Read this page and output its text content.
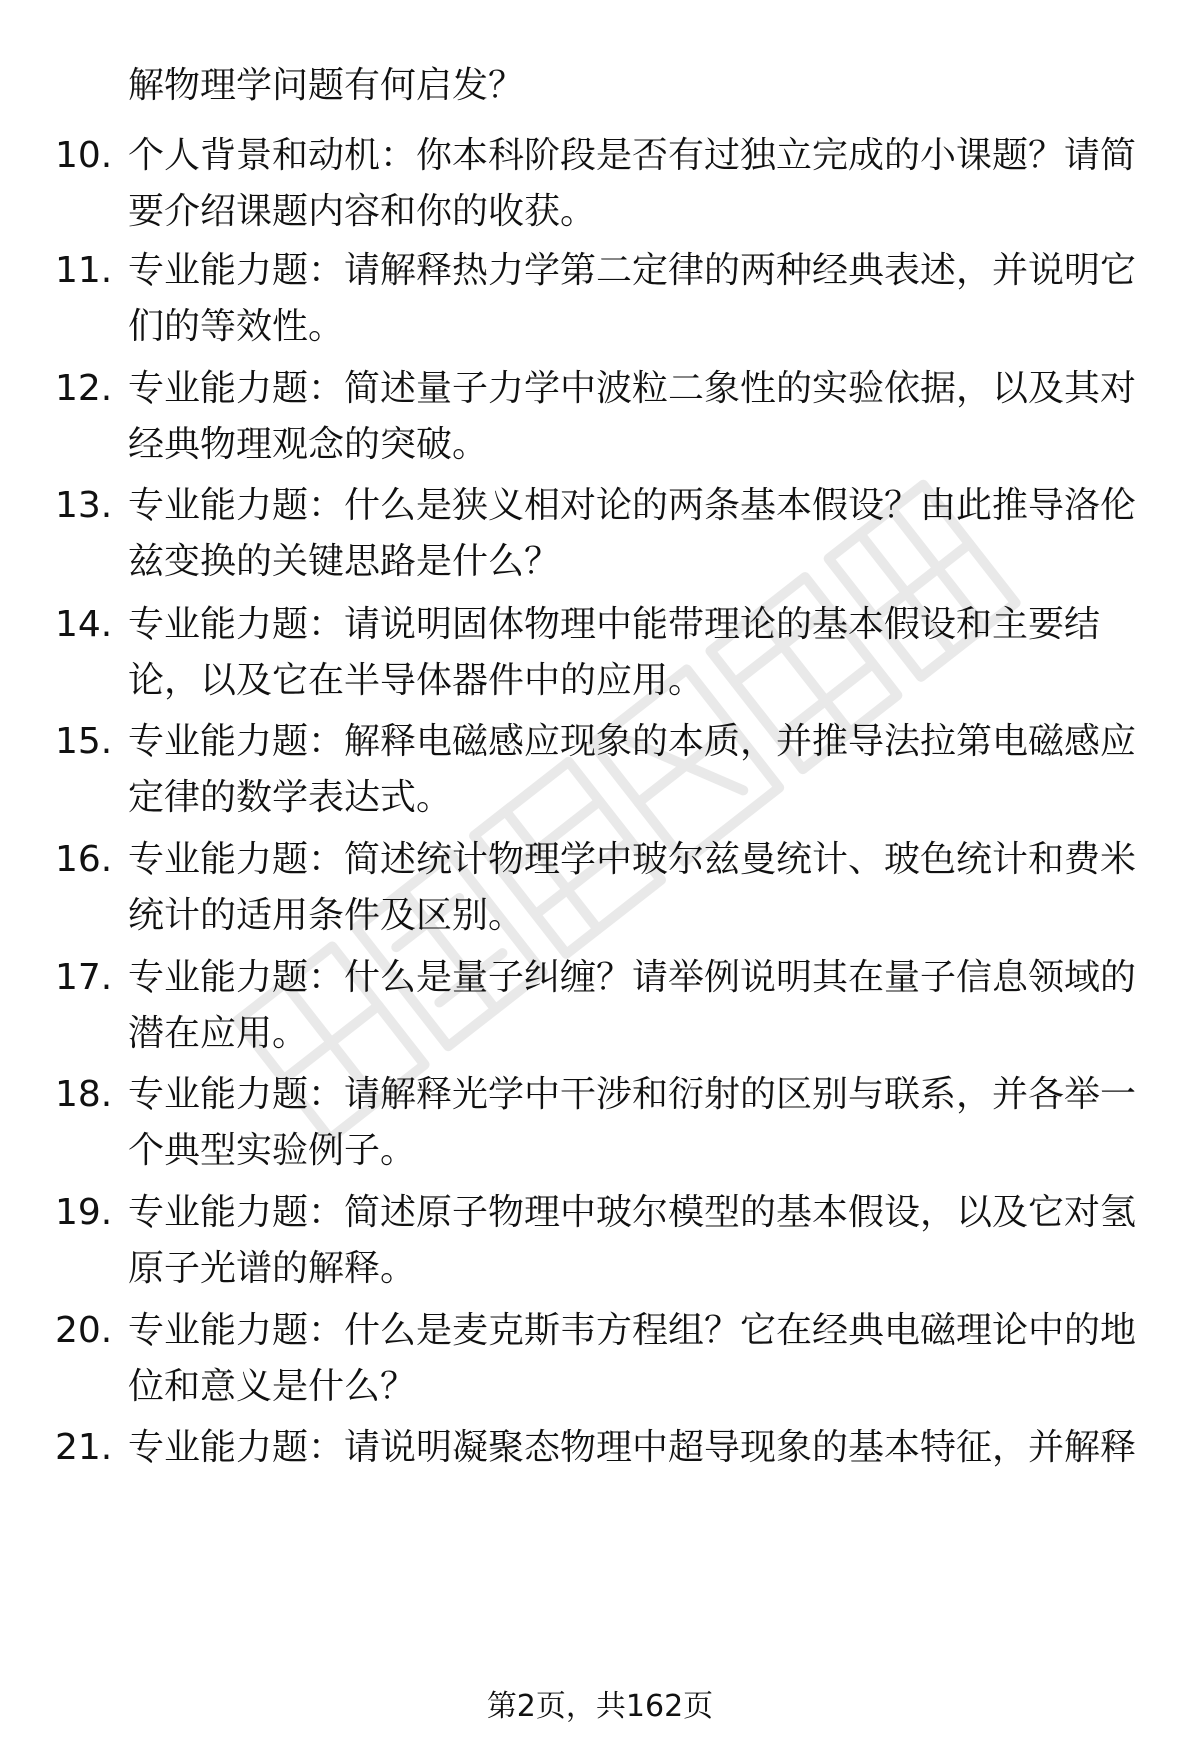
解物理学问题有何启发？
10. 个人背景和动机：你本科阶段是否有过独立完成的小课题？请简
要介绍课题内容和你的收获。
11. 专业能力题：请解释热力学第二定律的两种经典表述，并说明它
们的等效性。
12. 专业能力题：简述量子力学中波粒二象性的实验依据，以及其对
经典物理观念的突破。
13. 专业能力题：什么是狭义相对论的两条基本假设？由此推导洛伦
兹变换的关键思路是什么？
14. 专业能力题：请说明固体物理中能带理论的基本假设和主要结
论，以及它在半导体器件中的应用。
15. 专业能力题：解释电磁感应现象的本质，并推导法拉第电磁感应
定律的数学表达式。
16. 专业能力题：简述统计物理学中玻尔兹曼统计、玻色统计和费米
统计的适用条件及区别。
17. 专业能力题：什么是量子纠缠？请举例说明其在量子信息领域的
潜在应用。
18. 专业能力题：请解释光学中干涉和衍射的区别与联系，并各举一
个典型实验例子。
19. 专业能力题：简述原子物理中玻尔模型的基本假设，以及它对氢
原子光谱的解释。
20. 专业能力题：什么是麦克斯韦方程组？它在经典电磁理论中的地
位和意义是什么？
21. 专业能力题：请说明凝聚态物理中超导现象的基本特征，并解释
第2页，共162页
